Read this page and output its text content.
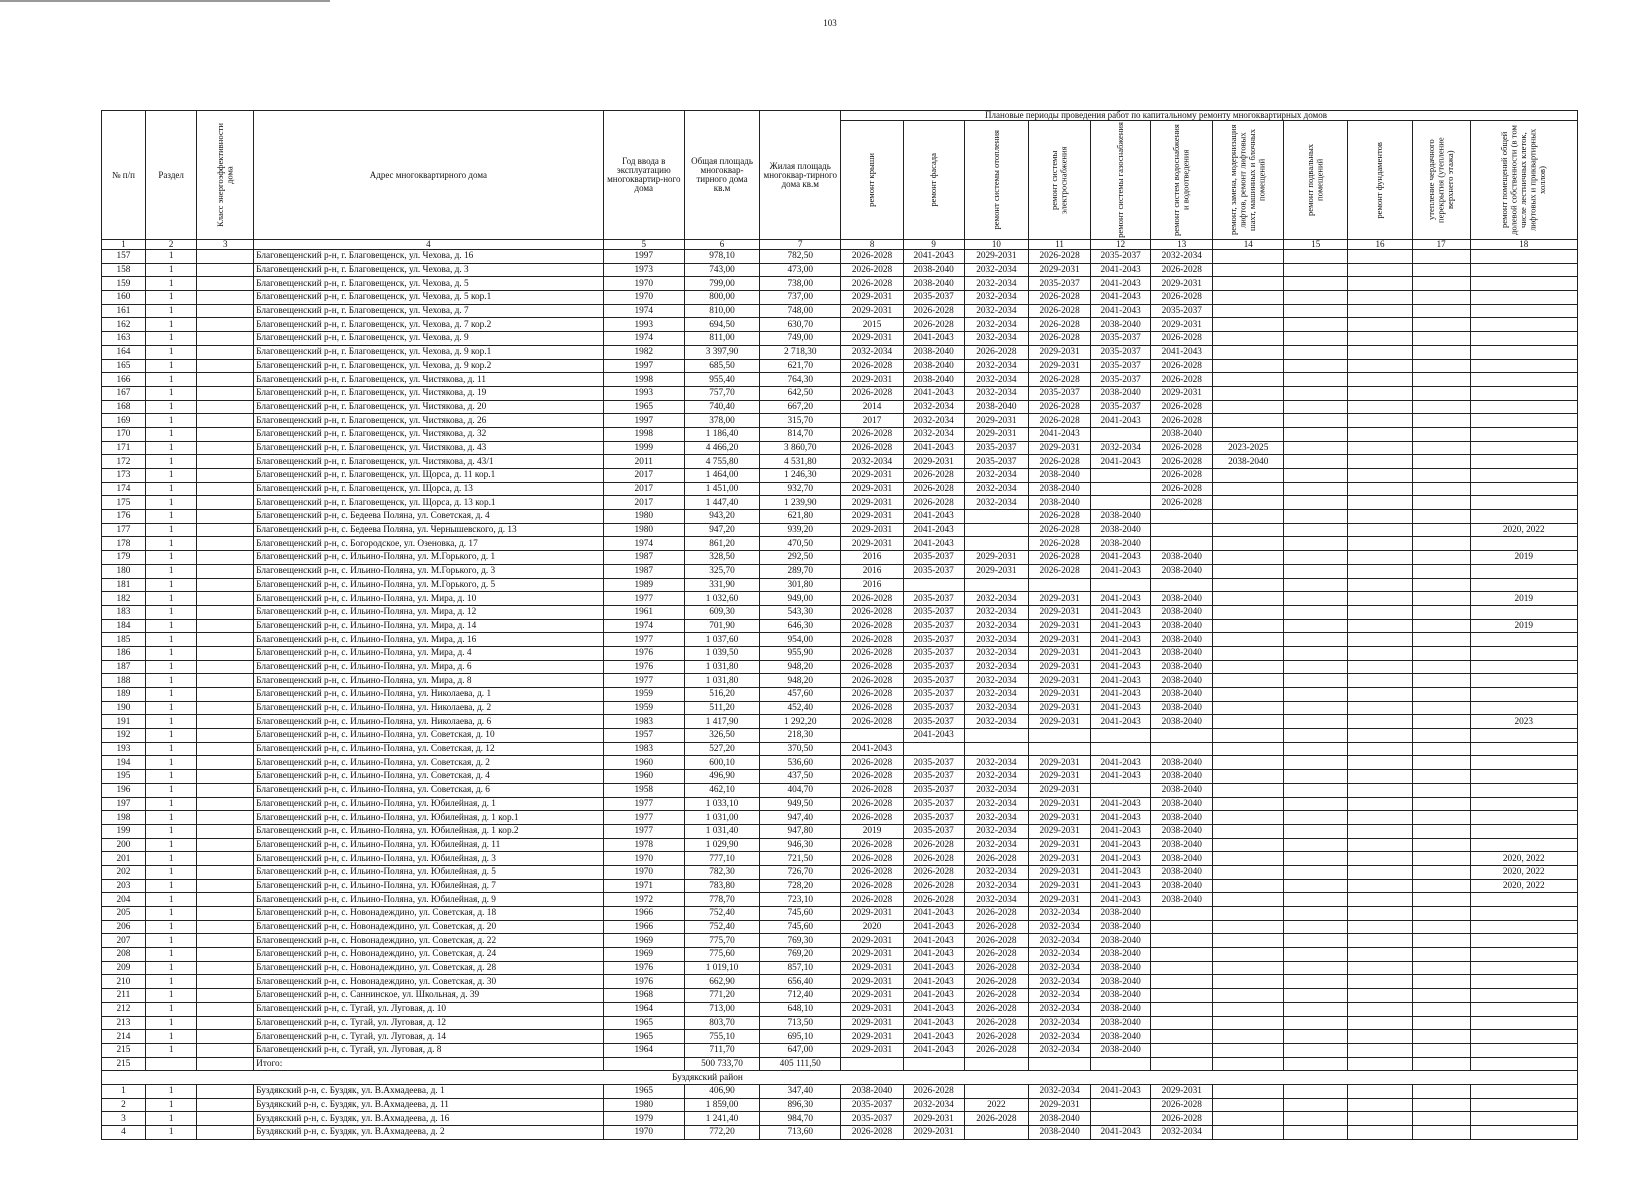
103
№ п/п	Раздел	Класс энергоэффективности дома	Адрес многоквартирного дома	Год ввода в эксплуатацию многоквартир-ного дома	Общая площадь многоквар-тирного дома кв.м	Жилая площадь многоквар-тирного дома кв.м	Плановые периоды проведения работ по капитальному ремонту многоквартирных домов										

							ремонт крыши	ремонт фасада	ремонт системы отопления	ремонт системы электроснабжения	ремонт системы газоснабжения	ремонт систем водоснабжения и водоотведения	ремонт, замена, модернизация лифтов, ремонт лифтовых шахт, машинных и блочных помещений	ремонт подвальных помещений	ремонт фундаментов	утепление чердачного перекрытия (утепление верхнего этажа)	ремонт помещений общей долевой собственности (в том числе лестничных клеток, лифтовых и приквартирных холлов)

1	2	3	4	5	6	7	8	9	10	11	12	13	14	15	16	17	18
157	1		Благовещенский р-н, г. Благовещенск, ул. Чехова, д. 16	1997	978,10	782,50	2026-2028	2041-2043	2029-2031	2026-2028	2035-2037	2032-2034					
158	1		Благовещенский р-н, г. Благовещенск, ул. Чехова, д. 3	1973	743,00	473,00	2026-2028	2038-2040	2032-2034	2029-2031	2041-2043	2026-2028					
159	1		Благовещенский р-н, г. Благовещенск, ул. Чехова, д. 5	1970	799,00	738,00	2026-2028	2038-2040	2032-2034	2035-2037	2041-2043	2029-2031					
160	1		Благовещенский р-н, г. Благовещенск, ул. Чехова, д. 5 кор.1	1970	800,00	737,00	2029-2031	2035-2037	2032-2034	2026-2028	2041-2043	2026-2028					
161	1		Благовещенский р-н, г. Благовещенск, ул. Чехова, д. 7	1974	810,00	748,00	2029-2031	2026-2028	2032-2034	2026-2028	2041-2043	2035-2037					
162	1		Благовещенский р-н, г. Благовещенск, ул. Чехова, д. 7 кор.2	1993	694,50	630,70	2015	2026-2028	2032-2034	2026-2028	2038-2040	2029-2031					
163	1		Благовещенский р-н, г. Благовещенск, ул. Чехова, д. 9	1974	811,00	749,00	2029-2031	2041-2043	2032-2034	2026-2028	2035-2037	2026-2028					
164	1		Благовещенский р-н, г. Благовещенск, ул. Чехова, д. 9 кор.1	1982	3 397,90	2 718,30	2032-2034	2038-2040	2026-2028	2029-2031	2035-2037	2041-2043					
165	1		Благовещенский р-н, г. Благовещенск, ул. Чехова, д. 9 кор.2	1997	685,50	621,70	2026-2028	2038-2040	2032-2034	2029-2031	2035-2037	2026-2028					
166	1		Благовещенский р-н, г. Благовещенск, ул. Чистякова, д. 11	1998	955,40	764,30	2029-2031	2038-2040	2032-2034	2026-2028	2035-2037	2026-2028					
167	1		Благовещенский р-н, г. Благовещенск, ул. Чистякова, д. 19	1993	757,70	642,50	2026-2028	2041-2043	2032-2034	2035-2037	2038-2040	2029-2031					
168	1		Благовещенский р-н, г. Благовещенск, ул. Чистякова, д. 20	1965	740,40	667,20	2014	2032-2034	2038-2040	2026-2028	2035-2037	2026-2028					
169	1		Благовещенский р-н, г. Благовещенск, ул. Чистякова, д. 26	1997	378,00	315,70	2017	2032-2034	2029-2031	2026-2028	2041-2043	2026-2028					
170	1		Благовещенский р-н, г. Благовещенск, ул. Чистякова, д. 32	1998	1 186,40	814,70	2026-2028	2032-2034	2029-2031	2041-2043		2038-2040					
171	1		Благовещенский р-н, г. Благовещенск, ул. Чистякова, д. 43	1999	4 466,20	3 860,70	2026-2028	2041-2043	2035-2037	2029-2031	2032-2034	2026-2028	2023-2025				
172	1		Благовещенский р-н, г. Благовещенск, ул. Чистякова, д. 43/1	2011	4 755,80	4 531,80	2032-2034	2029-2031	2035-2037	2026-2028	2041-2043	2026-2028	2038-2040				
173	1		Благовещенский р-н, г. Благовещенск, ул. Щорса, д. 11 кор.1	2017	1 464,00	1 246,30	2029-2031	2026-2028	2032-2034	2038-2040		2026-2028					
174	1		Благовещенский р-н, г. Благовещенск, ул. Щорса, д. 13	2017	1 451,00	932,70	2029-2031	2026-2028	2032-2034	2038-2040		2026-2028					
175	1		Благовещенский р-н, г. Благовещенск, ул. Щорса, д. 13 кор.1	2017	1 447,40	1 239,90	2029-2031	2026-2028	2032-2034	2038-2040		2026-2028					
176	1		Благовещенский р-н, с. Бедеева Поляна, ул. Советская, д. 4	1980	943,20	621,80	2029-2031	2041-2043		2026-2028	2038-2040						
177	1		Благовещенский р-н, с. Бедеева Поляна, ул. Чернышевского, д. 13	1980	947,20	939,20	2029-2031	2041-2043		2026-2028	2038-2040						2020, 2022
178	1		Благовещенский р-н, с. Богородское, ул. Озеновка, д. 17	1974	861,20	470,50	2029-2031	2041-2043		2026-2028	2038-2040						
179	1		Благовещенский р-н, с. Ильино-Поляна, ул. М.Горького, д. 1	1987	328,50	292,50	2016	2035-2037	2029-2031	2026-2028	2041-2043	2038-2040					2019
180	1		Благовещенский р-н, с. Ильино-Поляна, ул. М.Горького, д. 3	1987	325,70	289,70	2016	2035-2037	2029-2031	2026-2028	2041-2043	2038-2040					
181	1		Благовещенский р-н, с. Ильино-Поляна, ул. М.Горького, д. 5	1989	331,90	301,80	2016										
182	1		Благовещенский р-н, с. Ильино-Поляна, ул. Мира, д. 10	1977	1 032,60	949,00	2026-2028	2035-2037	2032-2034	2029-2031	2041-2043	2038-2040					2019
183	1		Благовещенский р-н, с. Ильино-Поляна, ул. Мира, д. 12	1961	609,30	543,30	2026-2028	2035-2037	2032-2034	2029-2031	2041-2043	2038-2040					
184	1		Благовещенский р-н, с. Ильино-Поляна, ул. Мира, д. 14	1974	701,90	646,30	2026-2028	2035-2037	2032-2034	2029-2031	2041-2043	2038-2040					2019
185	1		Благовещенский р-н, с. Ильино-Поляна, ул. Мира, д. 16	1977	1 037,60	954,00	2026-2028	2035-2037	2032-2034	2029-2031	2041-2043	2038-2040					
186	1		Благовещенский р-н, с. Ильино-Поляна, ул. Мира, д. 4	1976	1 039,50	955,90	2026-2028	2035-2037	2032-2034	2029-2031	2041-2043	2038-2040					
187	1		Благовещенский р-н, с. Ильино-Поляна, ул. Мира, д. 6	1976	1 031,80	948,20	2026-2028	2035-2037	2032-2034	2029-2031	2041-2043	2038-2040					
188	1		Благовещенский р-н, с. Ильино-Поляна, ул. Мира, д. 8	1977	1 031,80	948,20	2026-2028	2035-2037	2032-2034	2029-2031	2041-2043	2038-2040					
189	1		Благовещенский р-н, с. Ильино-Поляна, ул. Николаева, д. 1	1959	516,20	457,60	2026-2028	2035-2037	2032-2034	2029-2031	2041-2043	2038-2040					
190	1		Благовещенский р-н, с. Ильино-Поляна, ул. Николаева, д. 2	1959	511,20	452,40	2026-2028	2035-2037	2032-2034	2029-2031	2041-2043	2038-2040					
191	1		Благовещенский р-н, с. Ильино-Поляна, ул. Николаева, д. 6	1983	1 417,90	1 292,20	2026-2028	2035-2037	2032-2034	2029-2031	2041-2043	2038-2040					2023
192	1		Благовещенский р-н, с. Ильино-Поляна, ул. Советская, д. 10	1957	326,50	218,30		2041-2043									
193	1		Благовещенский р-н, с. Ильино-Поляна, ул. Советская, д. 12	1983	527,20	370,50	2041-2043										
194	1		Благовещенский р-н, с. Ильино-Поляна, ул. Советская, д. 2	1960	600,10	536,60	2026-2028	2035-2037	2032-2034	2029-2031	2041-2043	2038-2040					
195	1		Благовещенский р-н, с. Ильино-Поляна, ул. Советская, д. 4	1960	496,90	437,50	2026-2028	2035-2037	2032-2034	2029-2031	2041-2043	2038-2040					
196	1		Благовещенский р-н, с. Ильино-Поляна, ул. Советская, д. 6	1958	462,10	404,70	2026-2028	2035-2037	2032-2034	2029-2031		2038-2040					
197	1		Благовещенский р-н, с. Ильино-Поляна, ул. Юбилейная, д. 1	1977	1 033,10	949,50	2026-2028	2035-2037	2032-2034	2029-2031	2041-2043	2038-2040					
198	1		Благовещенский р-н, с. Ильино-Поляна, ул. Юбилейная, д. 1 кор.1	1977	1 031,00	947,40	2026-2028	2035-2037	2032-2034	2029-2031	2041-2043	2038-2040					
199	1		Благовещенский р-н, с. Ильино-Поляна, ул. Юбилейная, д. 1 кор.2	1977	1 031,40	947,80	2019	2035-2037	2032-2034	2029-2031	2041-2043	2038-2040					
200	1		Благовещенский р-н, с. Ильино-Поляна, ул. Юбилейная, д. 11	1978	1 029,90	946,30	2026-2028	2026-2028	2032-2034	2029-2031	2041-2043	2038-2040					
201	1		Благовещенский р-н, с. Ильино-Поляна, ул. Юбилейная, д. 3	1970	777,10	721,50	2026-2028	2026-2028	2026-2028	2029-2031	2041-2043	2038-2040					2020, 2022
202	1		Благовещенский р-н, с. Ильино-Поляна, ул. Юбилейная, д. 5	1970	782,30	726,70	2026-2028	2026-2028	2032-2034	2029-2031	2041-2043	2038-2040					2020, 2022
203	1		Благовещенский р-н, с. Ильино-Поляна, ул. Юбилейная, д. 7	1971	783,80	728,20	2026-2028	2026-2028	2032-2034	2029-2031	2041-2043	2038-2040					2020, 2022
204	1		Благовещенский р-н, с. Ильино-Поляна, ул. Юбилейная, д. 9	1972	778,70	723,10	2026-2028	2026-2028	2032-2034	2029-2031	2041-2043	2038-2040					
205	1		Благовещенский р-н, с. Новонадеждино, ул. Советская, д. 18	1966	752,40	745,60	2029-2031	2041-2043	2026-2028	2032-2034	2038-2040						
206	1		Благовещенский р-н, с. Новонадеждино, ул. Советская, д. 20	1966	752,40	745,60	2020	2041-2043	2026-2028	2032-2034	2038-2040						
207	1		Благовещенский р-н, с. Новонадеждино, ул. Советская, д. 22	1969	775,70	769,30	2029-2031	2041-2043	2026-2028	2032-2034	2038-2040						
208	1		Благовещенский р-н, с. Новонадеждино, ул. Советская, д. 24	1969	775,60	769,20	2029-2031	2041-2043	2026-2028	2032-2034	2038-2040						
209	1		Благовещенский р-н, с. Новонадеждино, ул. Советская, д. 28	1976	1 019,10	857,10	2029-2031	2041-2043	2026-2028	2032-2034	2038-2040						
210	1		Благовещенский р-н, с. Новонадеждино, ул. Советская, д. 30	1976	662,90	656,40	2029-2031	2041-2043	2026-2028	2032-2034	2038-2040						
211	1		Благовещенский р-н, с. Саннинское, ул. Школьная, д. 39	1968	771,20	712,40	2029-2031	2041-2043	2026-2028	2032-2034	2038-2040						
212	1		Благовещенский р-н, с. Тугай, ул. Луговая, д. 10	1964	713,00	648,10	2029-2031	2041-2043	2026-2028	2032-2034	2038-2040						
213	1		Благовещенский р-н, с. Тугай, ул. Луговая, д. 12	1965	803,70	713,50	2029-2031	2041-2043	2026-2028	2032-2034	2038-2040						
214	1		Благовещенский р-н, с. Тугай, ул. Луговая, д. 14	1965	755,10	695,10	2029-2031	2041-2043	2026-2028	2032-2034	2038-2040						
215	1		Благовещенский р-н, с. Тугай, ул. Луговая, д. 8	1964	711,70	647,00	2029-2031	2041-2043	2026-2028	2032-2034	2038-2040						
215			Итого:		500 733,70	405 111,50											
Буздякский район																	
1	1		Буздякский р-н, с. Буздяк, ул. В.Ахмадеева, д. 1	1965	406,90	347,40	2038-2040	2026-2028		2032-2034	2041-2043	2029-2031					
2	1		Буздякский р-н, с. Буздяк, ул. В.Ахмадеева, д. 11	1980	1 859,00	896,30	2035-2037	2032-2034	2022	2029-2031		2026-2028					
3	1		Буздякский р-н, с. Буздяк, ул. В.Ахмадеева, д. 16	1979	1 241,40	984,70	2035-2037	2029-2031	2026-2028	2038-2040		2026-2028					
4	1		Буздякский р-н, с. Буздяк, ул. В.Ахмадеева, д. 2	1970	772,20	713,60	2026-2028	2029-2031		2038-2040	2041-2043	2032-2034					
